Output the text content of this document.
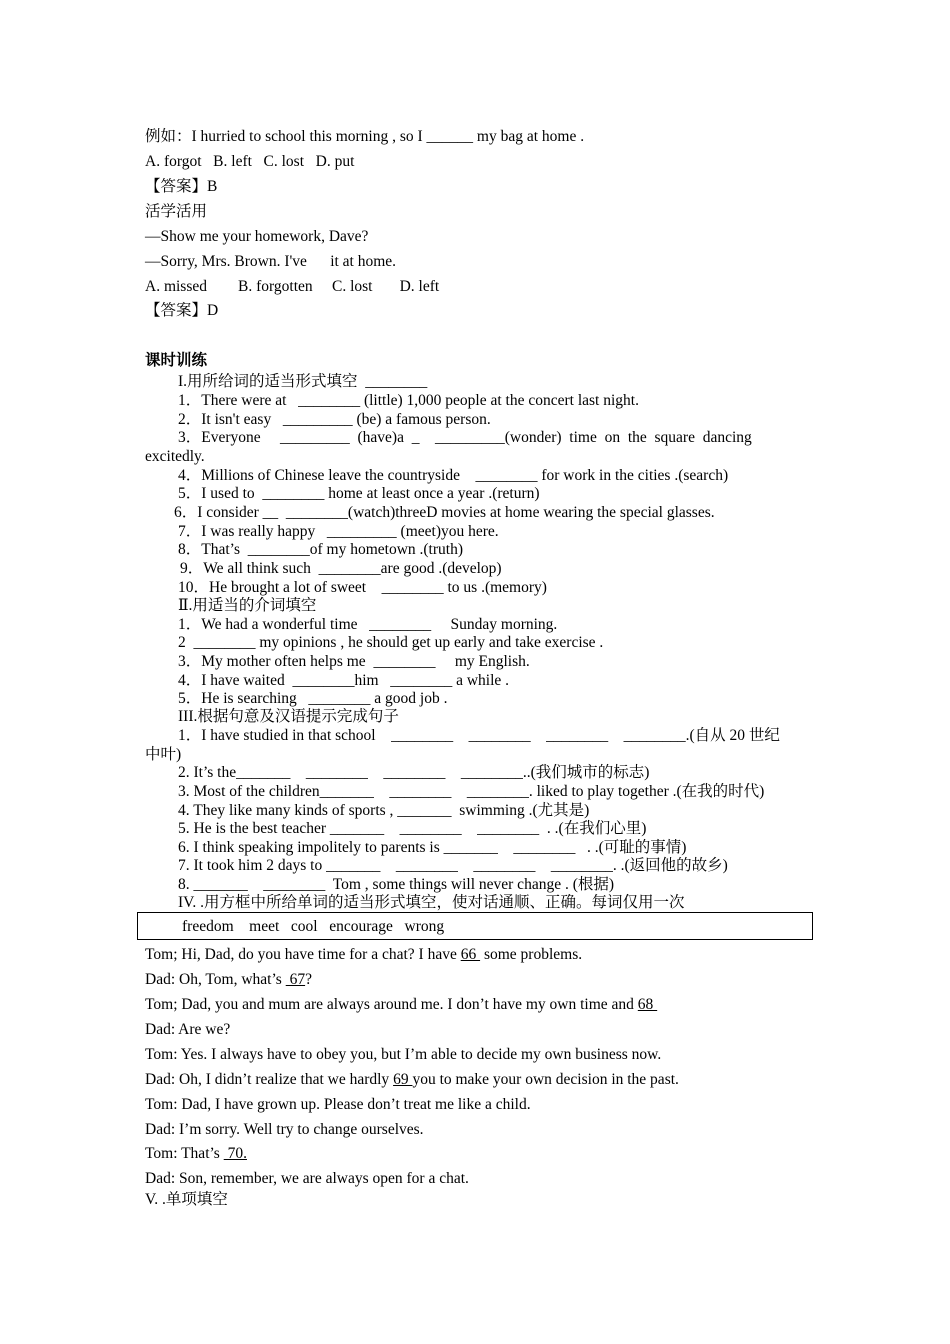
例如：I hurried to school this morning , so I ______ my bag at home .
A. forgot   B. left   C. lost   D. put
【答案】B
活学活用
—Show me your homework, Dave?
—Sorry, Mrs. Brown. I've      it at home.
A. missed        B. forgotten     C. lost       D. left
【答案】D
课时训练
I.用所给词的适当形式填空  ________
1．There were at   ________ (little) 1,000 people at the concert last night.
2．It isn't easy   _________ (be) a famous person.
3．Everyone     _________  (have)a  _    _________(wonder)  time  on  the  square  dancing
excitedly.
4．Millions of Chinese leave the countryside    ________ for work in the cities .(search)
5．I used to  ________ home at least once a year .(return)
6．I consider __  ________(watch)threeD movies at home wearing the special glasses.
7．I was really happy   _________ (meet)you here.
8．That’s  ________of my hometown .(truth)
9．We all think such  ________are good .(develop)
10．He brought a lot of sweet    ________ to us .(memory)
Ⅱ.用适当的介词填空
1．We had a wonderful time   ________     Sunday morning.
2  ________ my opinions , he should get up early and take exercise .
3．My mother often helps me  ________     my English.
4．I have waited  ________him   ________ a while .
5．He is searching   ________ a good job .
III.根据句意及汉语提示完成句子
1．I have studied in that school    ________    ________    ________    ________.(自从 20 世纪
中叶)
2. It’s the_______    ________    ________    ________..(我们城市的标志)
3. Most of the children_______    ________    ________. liked to play together .(在我的时代)
4. They like many kinds of sports , _______  swimming .(尤其是)
5. He is the best teacher _______    ________    ________  . .(在我们心里)
6. I think speaking impolitely to parents is _______    ________   . .(可耻的事情)
7. It took him 2 days to _______    ________    ________    ________. .(返回他的故乡)
8. _______    ________  Tom , some things will never change . (根据)
IV. .用方框中所给单词的适当形式填空，使对话通顺、正确。每词仅用一次
freedom    meet   cool   encourage   wrong
Tom; Hi, Dad, do you have time for a chat? I have 66  some problems.
Dad: Oh, Tom, what’s  67?
Tom; Dad, you and mum are always around me. I don’t have my own time and 68
Dad: Are we?
Tom: Yes. I always have to obey you, but I’m able to decide my own business now.
Dad: Oh, I didn’t realize that we hardly 69 you to make your own decision in the past.
Tom: Dad, I have grown up. Please don’t treat me like a child.
Dad: I’m sorry. Well try to change ourselves.
Tom: That’s  70.
Dad: Son, remember, we are always open for a chat.
V. .单项填空
